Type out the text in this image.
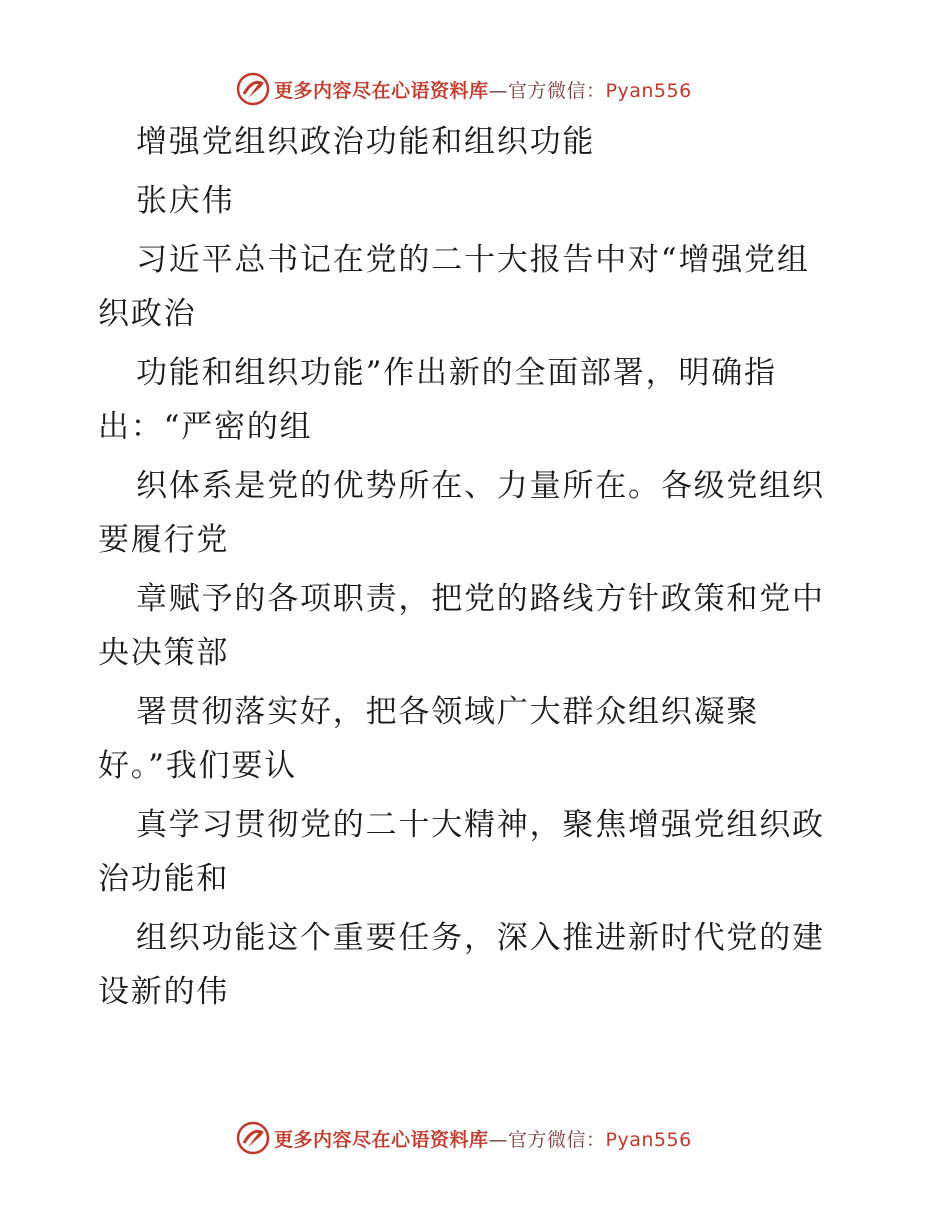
更多内容尽在心语资料库—官方微信：Pyan556
增强党组织政治功能和组织功能
张庆伟
习近平总书记在党的二十大报告中对“增强党组
织政治
功能和组织功能”作出新的全面部署，明确指
出：“严密的组
织体系是党的优势所在、力量所在。各级党组织
要履行党
章赋予的各项职责，把党的路线方针政策和党中
央决策部
署贯彻落实好，把各领域广大群众组织凝聚
好。”我们要认
真学习贯彻党的二十大精神，聚焦增强党组织政
治功能和
组织功能这个重要任务，深入推进新时代党的建
设新的伟
更多内容尽在心语资料库—官方微信：Pyan556
